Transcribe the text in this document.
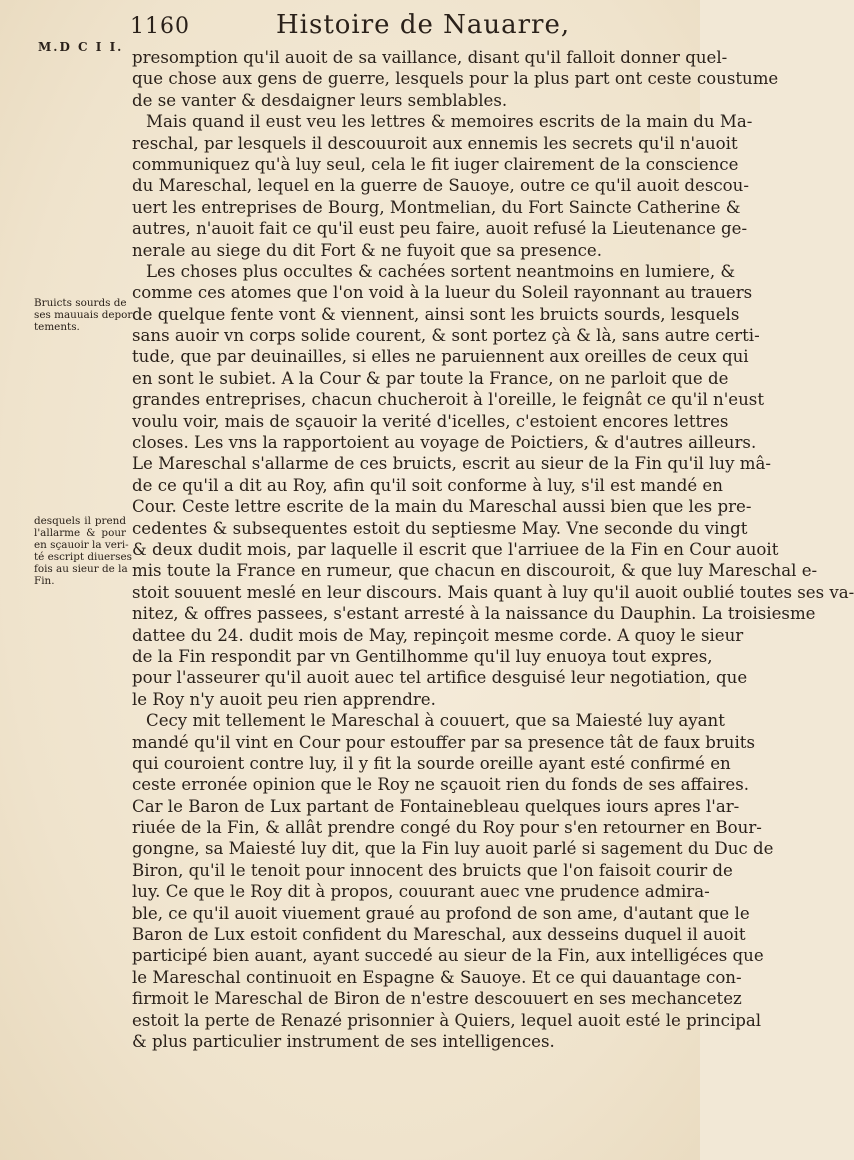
1160	Histoire de Nauarre,
M.D C I I.
Bruicts sourds de
ses mauuais depor
tements.
desquels il prend
l'allarme & pour
en sçauoir la veri-
té escript diuerses
fois au sieur de la
Fin.
presomption qu'il auoit de sa vaillance, disant qu'il falloit donner quel-
que chose aux gens de guerre, lesquels pour la plus part ont ceste coustume
de se vanter & desdaigner leurs semblables.
Mais quand il eust veu les lettres & memoires escrits de la main du Ma-
reschal, par lesquels il descouuroit aux ennemis les secrets qu'il n'auoit
communiquez qu'à luy seul, cela le fit iuger clairement de la conscience
du Mareschal, lequel en la guerre de Sauoye, outre ce qu'il auoit descou-
uert les entreprises de Bourg, Montmelian, du Fort Saincte Catherine &
autres, n'auoit fait ce qu'il eust peu faire, auoit refusé la Lieutenance ge-
nerale au siege du dit Fort & ne fuyoit que sa presence.
Les choses plus occultes & cachées sortent neantmoins en lumiere, &
comme ces atomes que l'on void à la lueur du Soleil rayonnant au trauers
de quelque fente vont & viennent, ainsi sont les bruicts sourds, lesquels
sans auoir vn corps solide courent, & sont portez çà & là, sans autre certi-
tude, que par deuinailles, si elles ne paruiennent aux oreilles de ceux qui
en sont le subiet. A la Cour & par toute la France, on ne parloit que de
grandes entreprises, chacun chucheroit à l'oreille, le feignât ce qu'il n'eust
voulu voir, mais de sçauoir la verité d'icelles, c'estoient encores lettres
closes. Les vns la rapportoient au voyage de Poictiers, & d'autres ailleurs.
Le Mareschal s'allarme de ces bruicts, escrit au sieur de la Fin qu'il luy mâ-
de ce qu'il a dit au Roy, afin qu'il soit conforme à luy, s'il est mandé en
Cour. Ceste lettre escrite de la main du Mareschal aussi bien que les pre-
cedentes & subsequentes estoit du septiesme May. Vne seconde du vingt
& deux dudit mois, par laquelle il escrit que l'arriuee de la Fin en Cour auoit
mis toute la France en rumeur, que chacun en discouroit, & que luy Mareschal e-
stoit souuent meslé en leur discours. Mais quant à luy qu'il auoit oublié toutes ses va-
nitez, & offres passees, s'estant arresté à la naissance du Dauphin. La troisiesme
dattee du 24. dudit mois de May, repinçoit mesme corde. A quoy le sieur
de la Fin respondit par vn Gentilhomme qu'il luy enuoya tout expres,
pour l'asseurer qu'il auoit auec tel artifice desguisé leur negotiation, que
le Roy n'y auoit peu rien apprendre.
Cecy mit tellement le Mareschal à couuert, que sa Maiesté luy ayant
mandé qu'il vint en Cour pour estouffer par sa presence tât de faux bruits
qui couroient contre luy, il y fit la sourde oreille ayant esté confirmé en
ceste erronée opinion que le Roy ne sçauoit rien du fonds de ses affaires.
Car le Baron de Lux partant de Fontainebleau quelques iours apres l'ar-
riuée de la Fin, & allât prendre congé du Roy pour s'en retourner en Bour-
gongne, sa Maiesté luy dit, que la Fin luy auoit parlé si sagement du Duc de
Biron, qu'il le tenoit pour innocent des bruicts que l'on faisoit courir de
luy. Ce que le Roy dit à propos, couurant auec vne prudence admira-
ble, ce qu'il auoit viuement graué au profond de son ame, d'autant que le
Baron de Lux estoit confident du Mareschal, aux desseins duquel il auoit
participé bien auant, ayant succedé au sieur de la Fin, aux intelligéces que
le Mareschal continuoit en Espagne & Sauoye. Et ce qui dauantage con-
firmoit le Mareschal de Biron de n'estre descouuert en ses mechancetez
estoit la perte de Renazé prisonnier à Quiers, lequel auoit esté le principal
& plus particulier instrument de ses intelligences.
